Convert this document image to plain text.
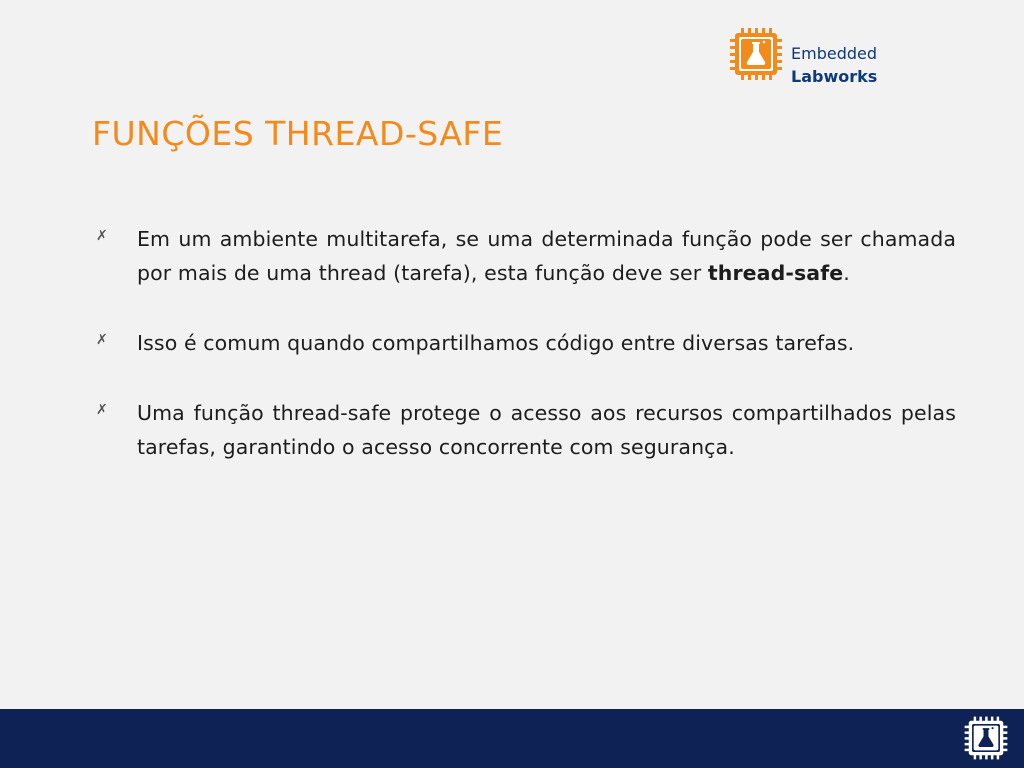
Embedded
Labworks
FUNÇÕES THREAD-SAFE
✗ Em um ambiente multitarefa, se uma determinada função pode ser chamada por mais de uma thread (tarefa), esta função deve ser thread-safe.
✗ Isso é comum quando compartilhamos código entre diversas tarefas.
✗ Uma função thread-safe protege o acesso aos recursos compartilhados pelas tarefas, garantindo o acesso concorrente com segurança.
